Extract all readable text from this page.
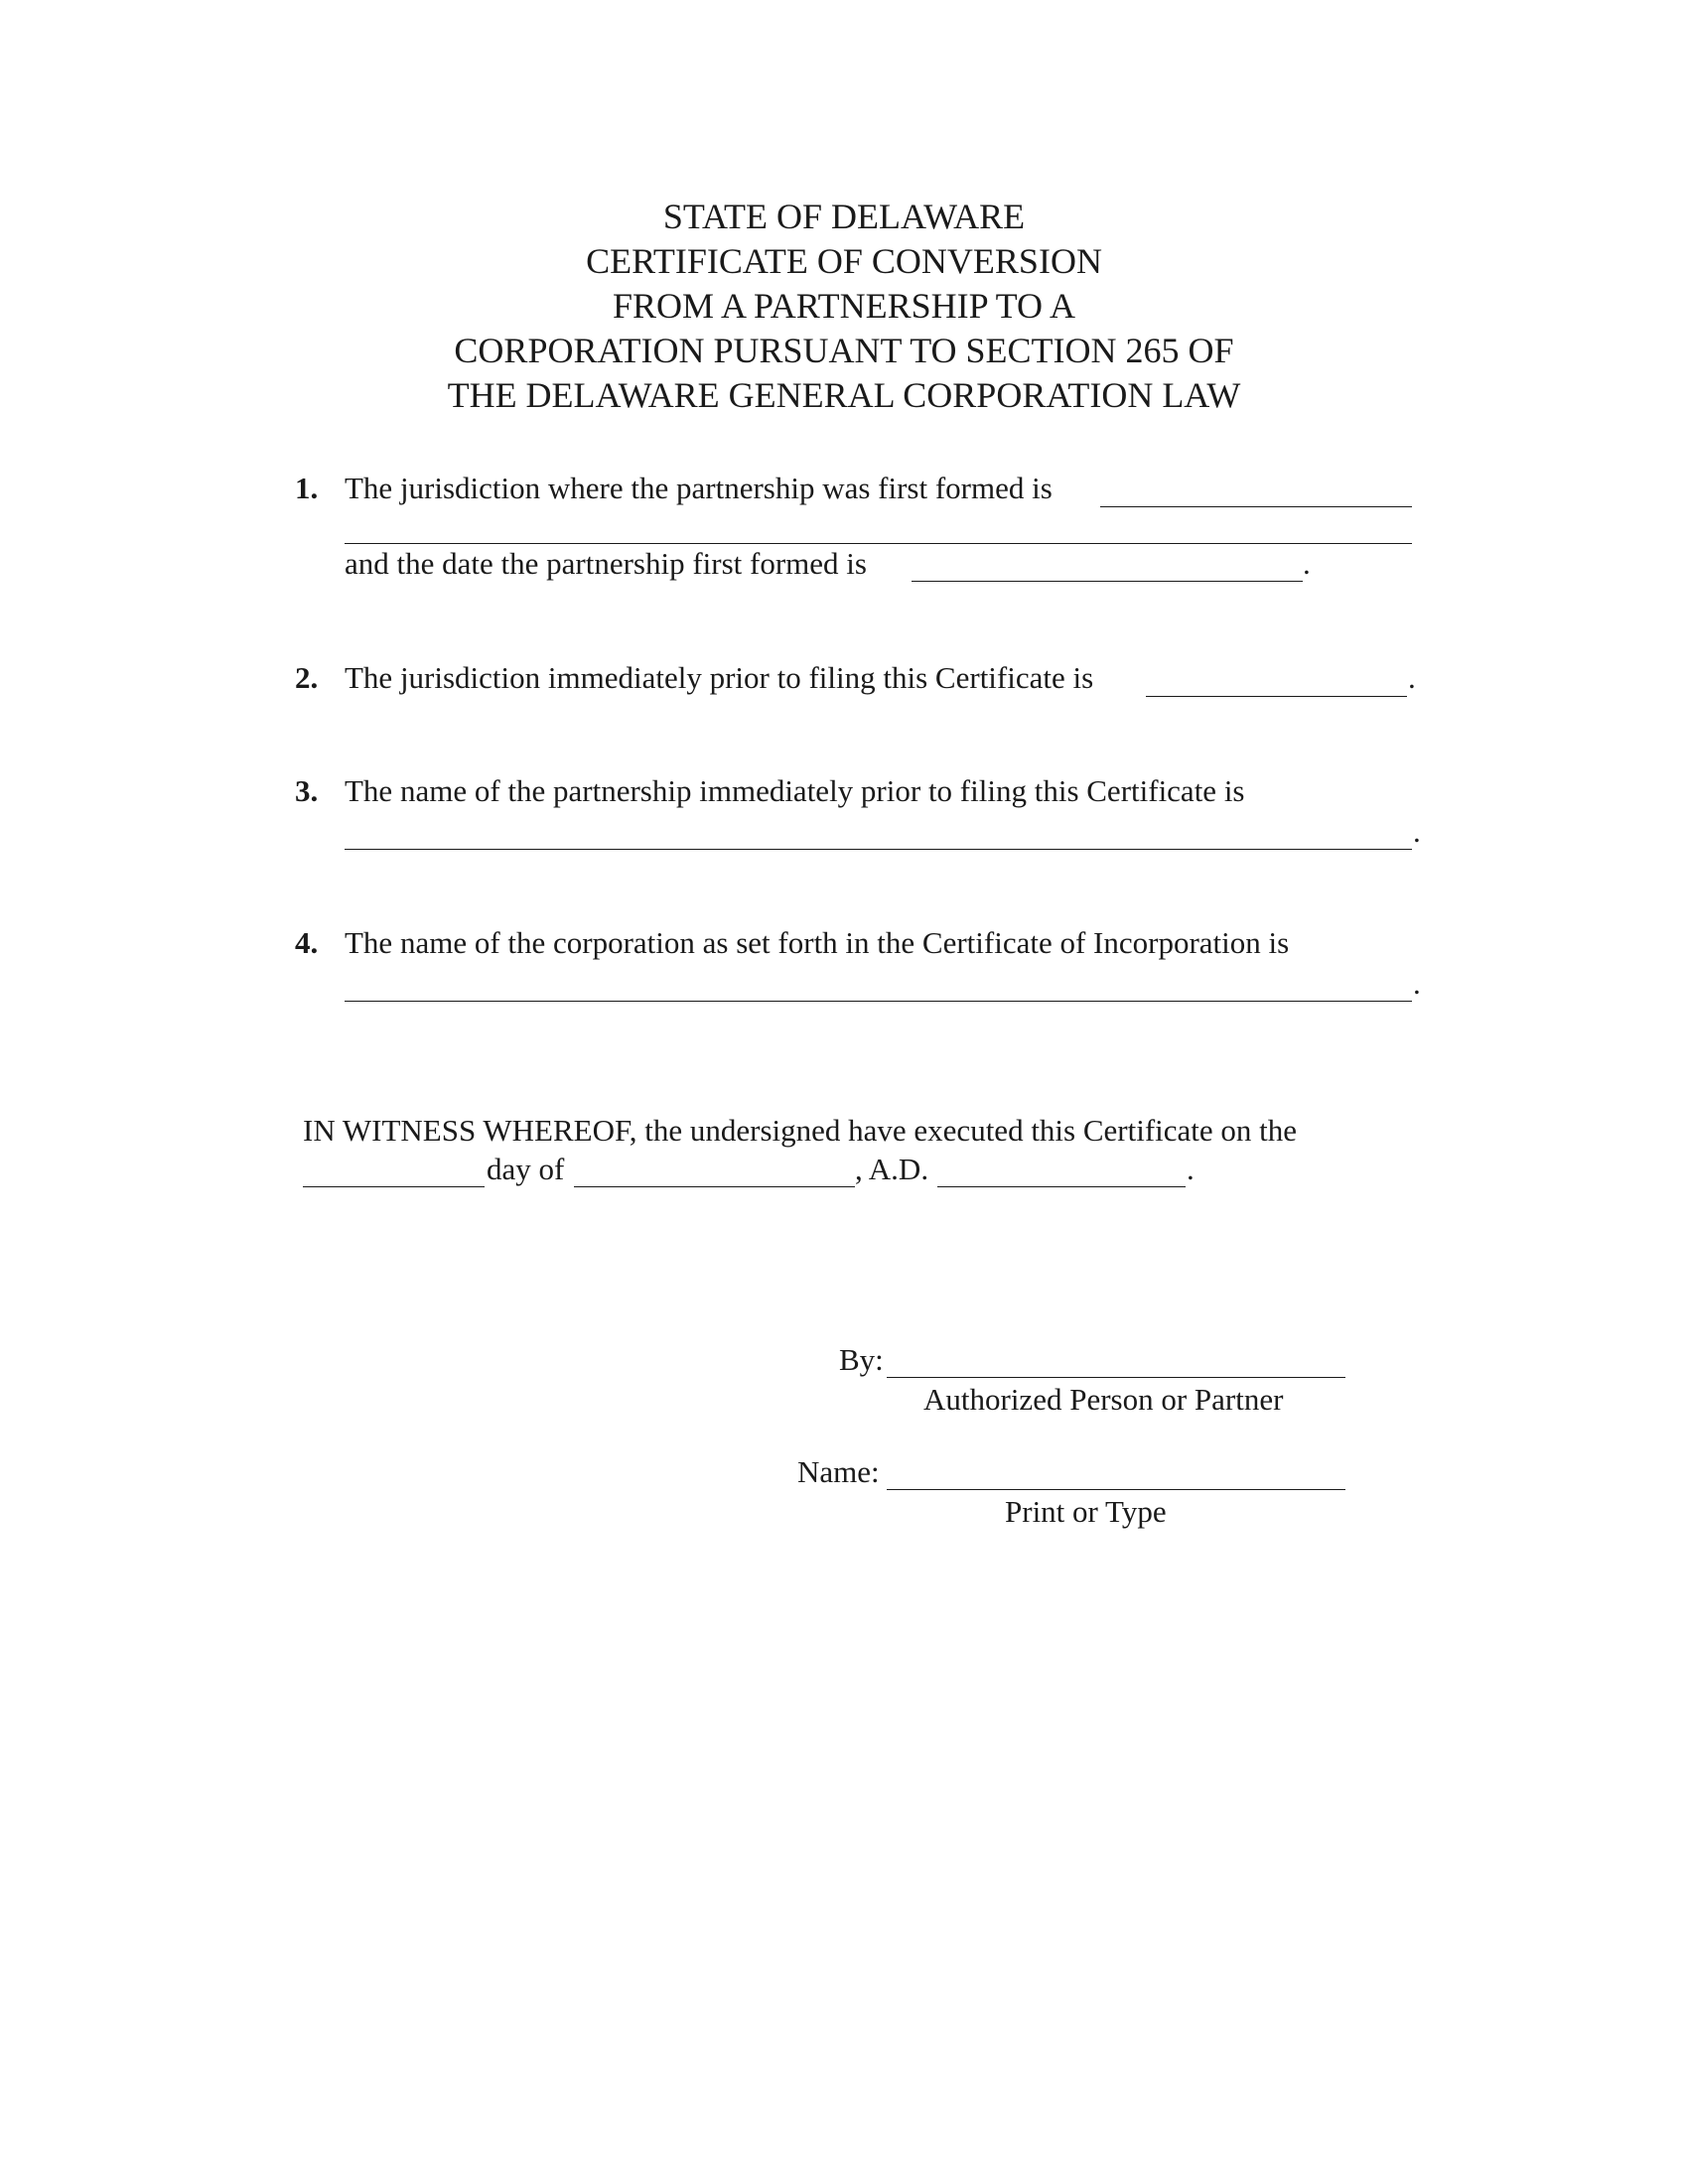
STATE OF DELAWARE
CERTIFICATE OF CONVERSION
FROM A PARTNERSHIP TO A
CORPORATION PURSUANT TO SECTION 265 OF
THE DELAWARE GENERAL CORPORATION LAW
1. The jurisdiction where the partnership was first formed is
and the date the partnership first formed is	.
2. The jurisdiction immediately prior to filing this Certificate is	.
3. The name of the partnership immediately prior to filing this Certificate is
.
4. The name of the corporation as set forth in the Certificate of Incorporation is
.
IN WITNESS WHEREOF, the undersigned have executed this Certificate on the
day of	, A.D.	.
By:
Authorized Person or Partner
Name:
Print or Type
